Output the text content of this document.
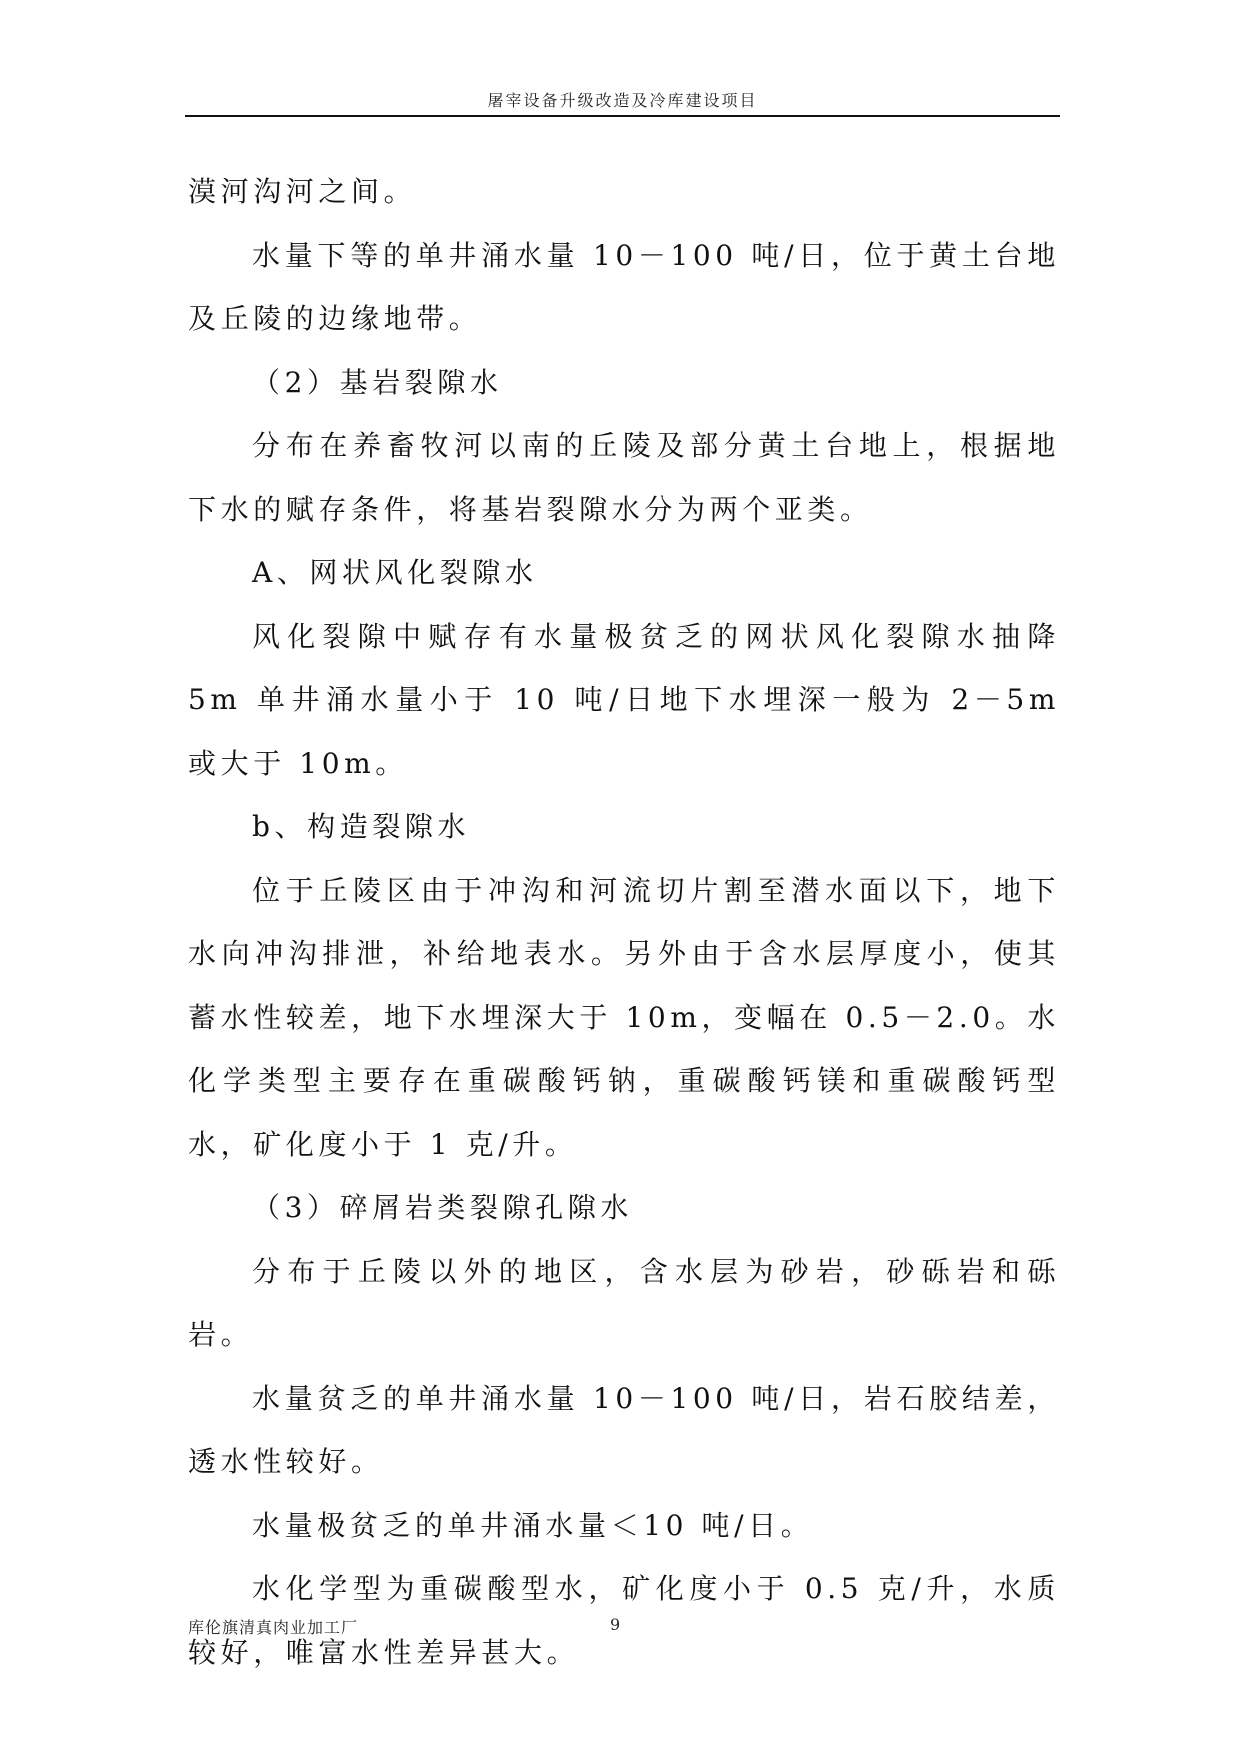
屠宰设备升级改造及冷库建设项目

漠河沟河之间。

水量下等的单井涌水量 10－100 吨/日，位于黄土台地及丘陵的边缘地带。

（2）基岩裂隙水

分布在养畜牧河以南的丘陵及部分黄土台地上，根据地下水的赋存条件，将基岩裂隙水分为两个亚类。

A、网状风化裂隙水

风化裂隙中赋存有水量极贫乏的网状风化裂隙水抽降 5m 单井涌水量小于 10 吨/日地下水埋深一般为 2－5m 或大于 10m。

b、构造裂隙水

位于丘陵区由于冲沟和河流切片割至潜水面以下，地下水向冲沟排泄，补给地表水。另外由于含水层厚度小，使其蓄水性较差，地下水埋深大于 10m，变幅在 0.5－2.0。水化学类型主要存在重碳酸钙钠，重碳酸钙镁和重碳酸钙型水，矿化度小于 1 克/升。

（3）碎屑岩类裂隙孔隙水

分布于丘陵以外的地区，含水层为砂岩，砂砾岩和砾岩。

水量贫乏的单井涌水量 10－100 吨/日，岩石胶结差，透水性较好。

水量极贫乏的单井涌水量＜10 吨/日。

水化学型为重碳酸型水，矿化度小于 0.5 克/升，水质较好，唯富水性差异甚大。

库伦旗清真肉业加工厂	9
